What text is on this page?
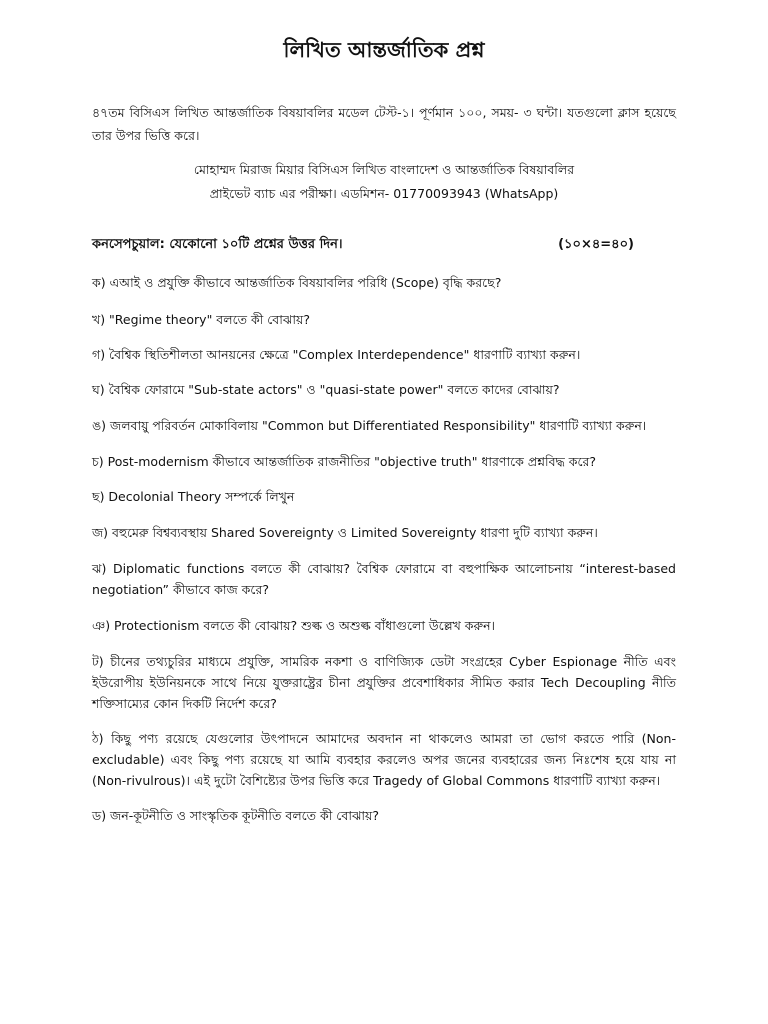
লিখিত আন্তর্জাতিক প্রশ্ন
৪৭তম বিসিএস লিখিত আন্তর্জাতিক বিষয়াবলির মডেল টেস্ট-১। পূর্ণমান ১০০, সময়- ৩ ঘন্টা। যতগুলো ক্লাস হয়েছে তার উপর ভিত্তি করে।
মোহাম্মদ মিরাজ মিয়ার বিসিএস লিখিত বাংলাদেশ ও আন্তর্জাতিক বিষয়াবলির
প্রাইভেট ব্যাচ এর পরীক্ষা। এডমিশন- 01770093943 (WhatsApp)
কনসেপচুয়াল: যেকোনো ১০টি প্রশ্নের উত্তর দিন।	(১০×৪=৪০)
ক) এআই ও প্রযুক্তি কীভাবে আন্তর্জাতিক বিষয়াবলির পরিধি (Scope) বৃদ্ধি করছে?
খ) "Regime theory" বলতে কী বোঝায়?
গ) বৈশ্বিক স্থিতিশীলতা আনয়নের ক্ষেত্রে "Complex Interdependence" ধারণাটি ব্যাখ্যা করুন।
ঘ) বৈশ্বিক ফোরামে "Sub-state actors" ও "quasi-state power" বলতে কাদের বোঝায়?
ঙ) জলবায়ু পরিবর্তন মোকাবিলায় "Common but Differentiated Responsibility" ধারণাটি ব্যাখ্যা করুন।
চ) Post-modernism কীভাবে আন্তর্জাতিক রাজনীতির "objective truth" ধারণাকে প্রশ্নবিদ্ধ করে?
ছ) Decolonial Theory সম্পর্কে লিখুন
জ) বহুমেরু বিশ্বব্যবস্থায় Shared Sovereignty ও Limited Sovereignty ধারণা দুটি ব্যাখ্যা করুন।
ঝ) Diplomatic functions বলতে কী বোঝায়? বৈশ্বিক ফোরামে বা বহুপাক্ষিক আলোচনায় “interest-based negotiation” কীভাবে কাজ করে?
ঞ) Protectionism বলতে কী বোঝায়? শুল্ক ও অশুল্ক বাঁধাগুলো উল্লেখ করুন।
ট) চীনের তথ্যচুরির মাধ্যমে প্রযুক্তি, সামরিক নকশা ও বাণিজ্যিক ডেটা সংগ্রহের Cyber Espionage নীতি এবং ইউরোপীয় ইউনিয়নকে সাথে নিয়ে যুক্তরাষ্ট্রের চীনা প্রযুক্তির প্রবেশাধিকার সীমিত করার Tech Decoupling নীতি শক্তিসাম্যের কোন দিকটি নির্দেশ করে?
ঠ) কিছু পণ্য রয়েছে যেগুলোর উৎপাদনে আমাদের অবদান না থাকলেও আমরা তা ভোগ করতে পারি (Non-excludable) এবং কিছু পণ্য রয়েছে যা আমি ব্যবহার করলেও অপর জনের ব্যবহারের জন্য নিঃশেষ হয়ে যায় না (Non-rivulrous)। এই দুটো বৈশিষ্ট্যের উপর ভিত্তি করে Tragedy of Global Commons ধারণাটি ব্যাখ্যা করুন।
ড) জন-কূটনীতি ও সাংস্কৃতিক কূটনীতি বলতে কী বোঝায়?
